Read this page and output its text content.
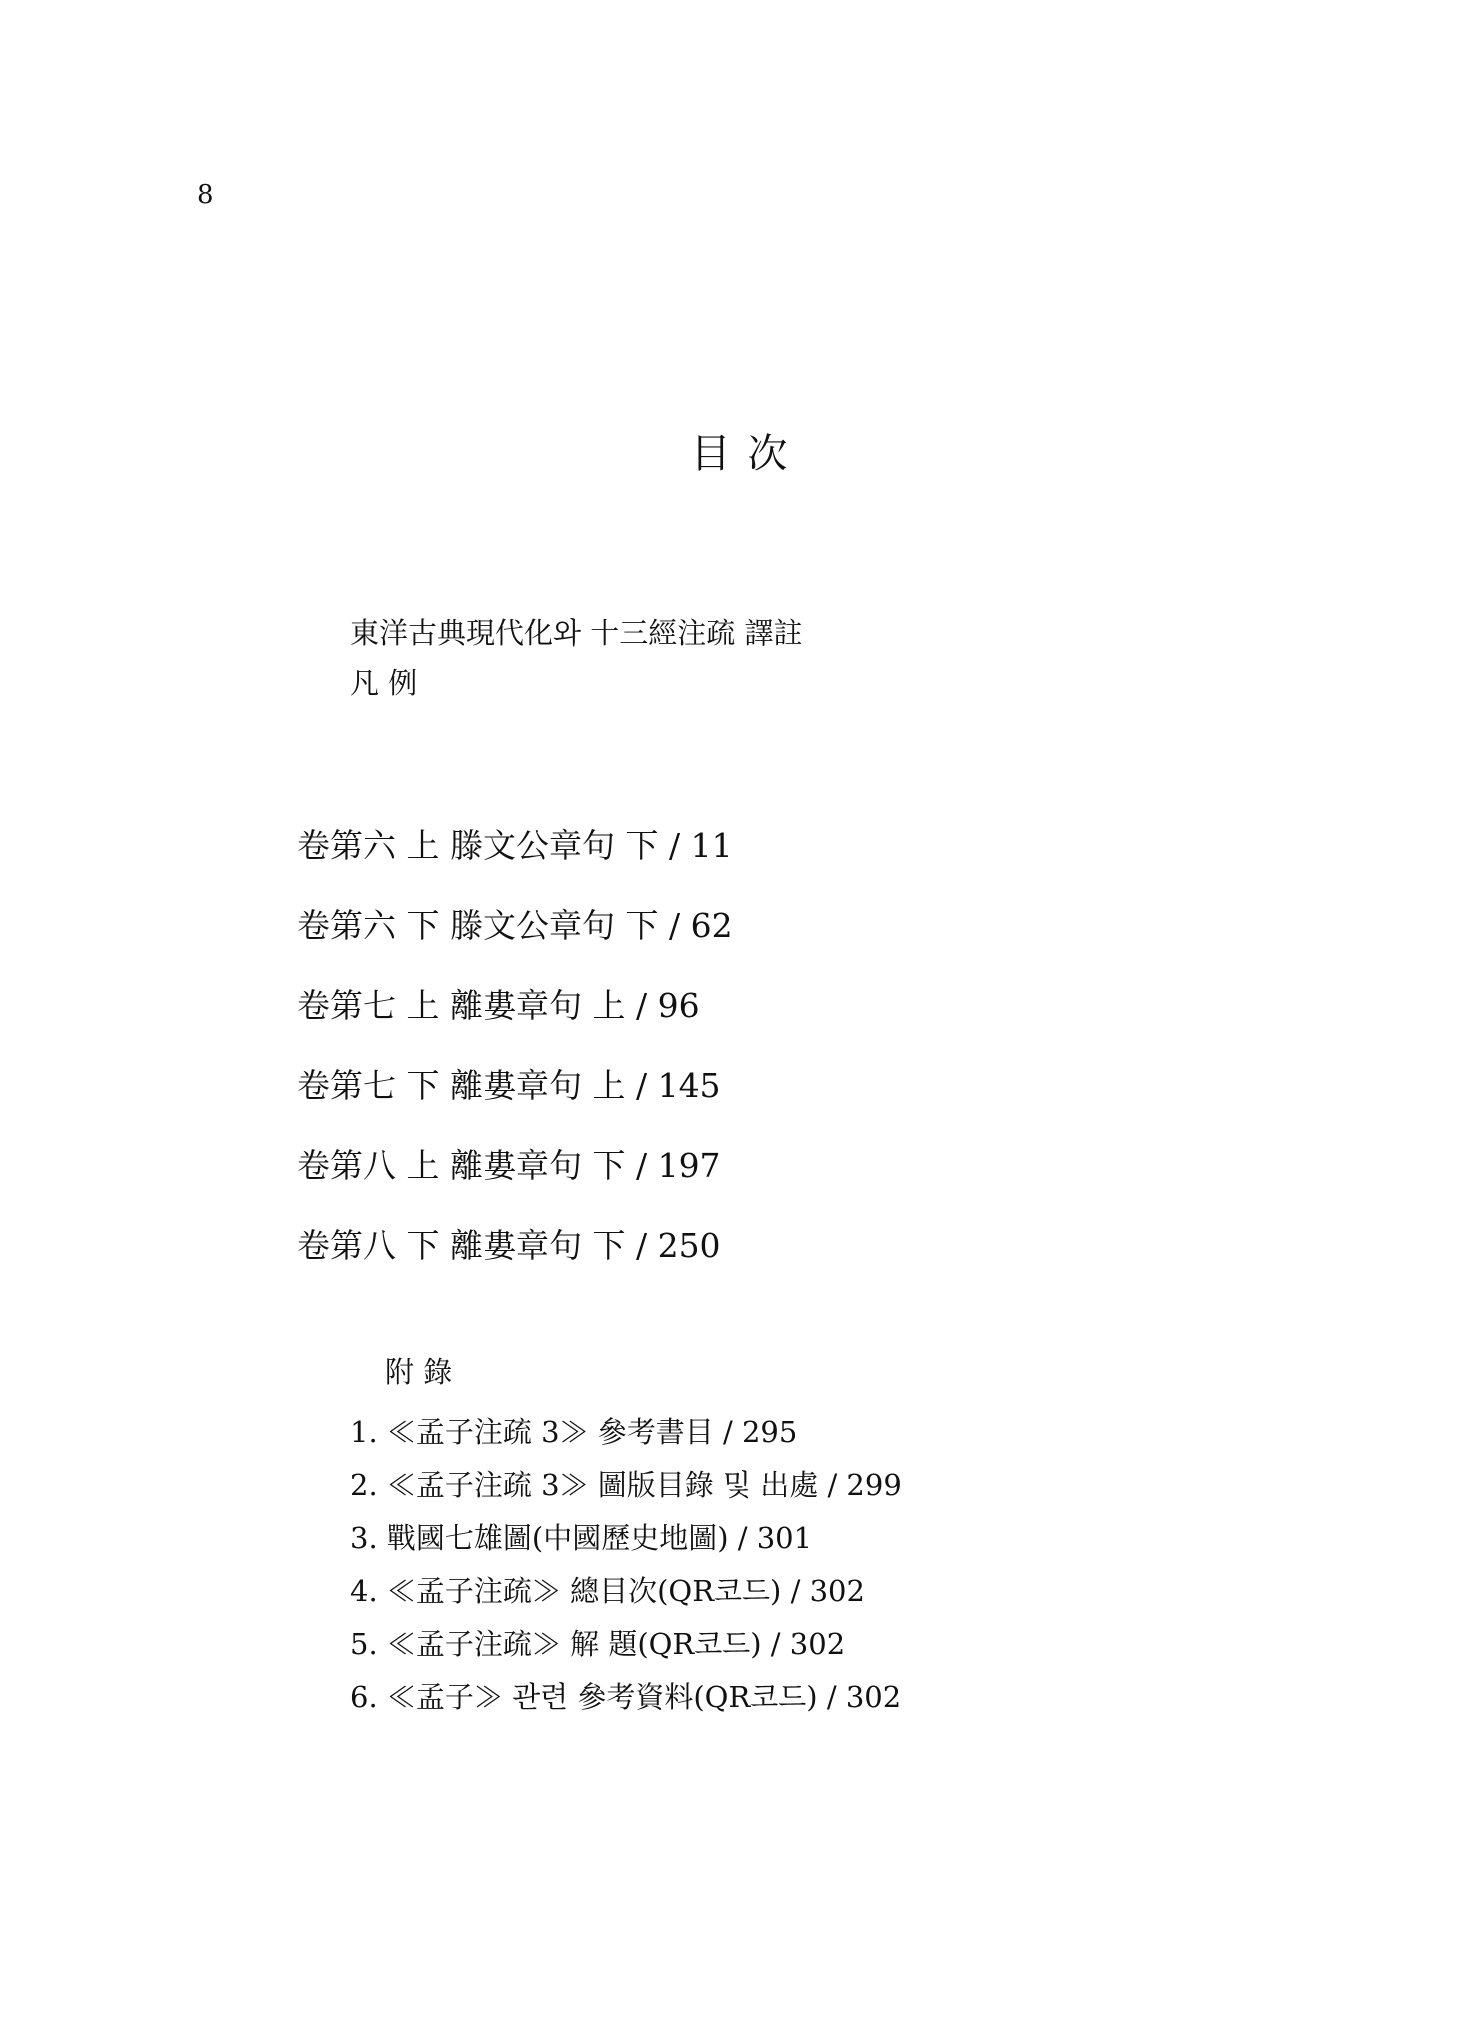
8
目 次
東洋古典現代化와 十三經注疏 譯註
凡 例
卷第六 上 滕文公章句 下 / 11
卷第六 下 滕文公章句 下 / 62
卷第七 上 離婁章句 上 / 96
卷第七 下 離婁章句 上 / 145
卷第八 上 離婁章句 下 / 197
卷第八 下 離婁章句 下 / 250
附 錄
1. ≪孟子注疏 3≫ 參考書目 / 295
2. ≪孟子注疏 3≫ 圖版目錄 및 出處 / 299
3. 戰國七雄圖(中國歷史地圖) / 301
4. ≪孟子注疏≫ 總目次(QR코드) / 302
5. ≪孟子注疏≫ 解 題(QR코드) / 302
6. ≪孟子≫ 관련 參考資料(QR코드) / 302
